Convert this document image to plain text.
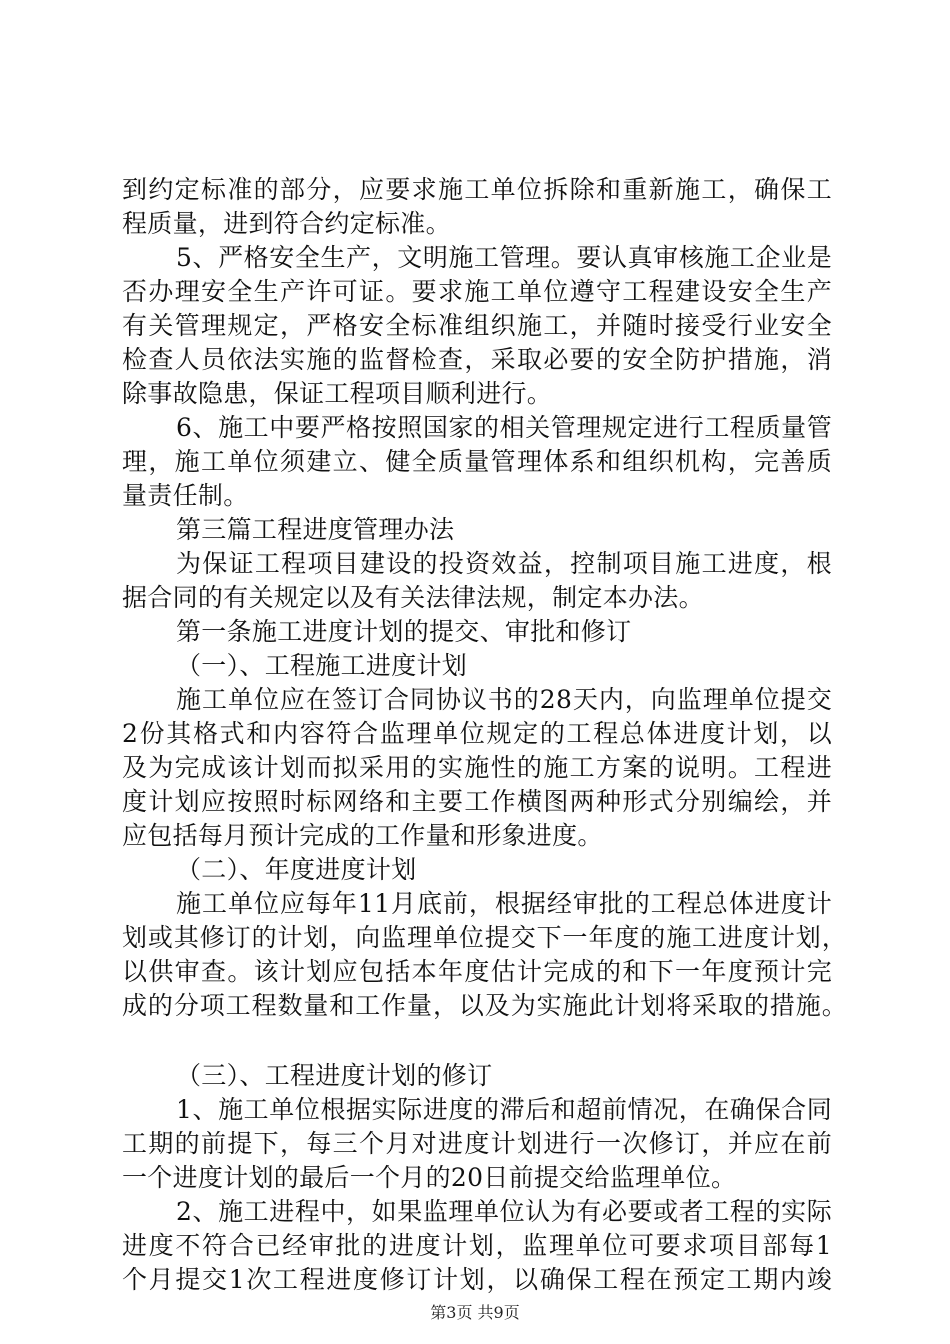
到约定标准的部分，应要求施工单位拆除和重新施工，确保工
程质量，进到符合约定标准。
5、严格安全生产，文明施工管理。要认真审核施工企业是
否办理安全生产许可证。要求施工单位遵守工程建设安全生产
有关管理规定，严格安全标准组织施工，并随时接受行业安全
检查人员依法实施的监督检查，采取必要的安全防护措施，消
除事故隐患，保证工程项目顺利进行。
6、施工中要严格按照国家的相关管理规定进行工程质量管
理，施工单位须建立、健全质量管理体系和组织机构，完善质
量责任制。
第三篇工程进度管理办法
为保证工程项目建设的投资效益，控制项目施工进度，根
据合同的有关规定以及有关法律法规，制定本办法。
第一条施工进度计划的提交、审批和修订
（一）、工程施工进度计划
施工单位应在签订合同协议书的28天内，向监理单位提交
2份其格式和内容符合监理单位规定的工程总体进度计划，以
及为完成该计划而拟采用的实施性的施工方案的说明。工程进
度计划应按照时标网络和主要工作横图两种形式分别编绘，并
应包括每月预计完成的工作量和形象进度。
（二）、年度进度计划
施工单位应每年11月底前，根据经审批的工程总体进度计
划或其修订的计划，向监理单位提交下一年度的施工进度计划，
以供审查。该计划应包括本年度估计完成的和下一年度预计完
成的分项工程数量和工作量，以及为实施此计划将采取的措施。
（三）、工程进度计划的修订
1、施工单位根据实际进度的滞后和超前情况，在确保合同
工期的前提下，每三个月对进度计划进行一次修订，并应在前
一个进度计划的最后一个月的20日前提交给监理单位。
2、施工进程中，如果监理单位认为有必要或者工程的实际
进度不符合已经审批的进度计划，监理单位可要求项目部每1
个月提交1次工程进度修订计划，以确保工程在预定工期内竣
第3页 共9页
